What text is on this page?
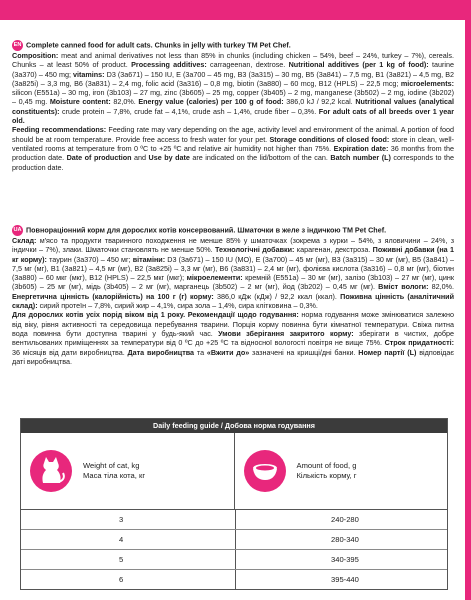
EN Complete canned food for adult cats. Chunks in jelly with turkey TM Pet Chef.
Composition: meat and animal derivatives not less than 85% in chunks (including chicken – 54%, beef – 24%, turkey – 7%), cereals. Chunks – at least 50% of product. Processing additives: carrageenan, dextrose. Nutritional additives (per 1 kg of food): taurine (3a370) – 450 mg; vitamins: D3 (3a671) – 150 IU, E (3a700 – 45 mg, B3 (3a315) – 30 mg, B5 (3a841) – 7,5 mg, B1 (3a821) – 4,5 mg, B2 (3a825i) – 3,3 mg, B6 (3a831) – 2,4 mg, folic acid (3a316) – 0,8 mg, biotin (3a880) – 60 mcg, B12 (HPLS) – 22,5 mcg; microelements: silicon (E551a) – 30 mg, iron (3b103) – 27 mg, zinc (3b605) – 25 mg, copper (3b405) – 2 mg, manganese (3b502) – 2 mg, iodine (3b202) – 0,45 mg. Moisture content: 82,0%. Energy value (calories) per 100 g of food: 386,0 kJ / 92,2 kcal. Nutritional values (analytical constituents): crude protein – 7,8%, crude fat – 4,1%, crude ash – 1,4%, crude fiber – 0,3%. For adult cats of all breeds over 1 year old.
Feeding recommendations: Feeding rate may vary depending on the age, activity level and environment of the animal. A portion of food should be at room temperature. Provide free access to fresh water for your pet. Storage conditions of closed food: store in clean, well-ventilated rooms at temperature from 0 ºC to +25 ºC and relative air humidity not higher than 75%. Expiration date: 36 months from the production date. Date of production and Use by date are indicated on the lid/bottom of the can. Batch number (L) corresponds to the production date.

UA Повнораціонний корм для дорослих котів консервований. Шматочки в желе з індичкою ТМ Pet Chef.
Склад: м'ясо та продукти тваринного походження не менше 85% у шматочках (зокрема з курки – 54%, з яловичини – 24%, з індички – 7%), злаки. Шматочки становлять не менше 50%. Технологічні добавки: карагенан, декстроза. Поживні добавки (на 1 кг корму): таурин (3a370) – 450 мг; вітаміни: D3 (3a671) – 150 IU (МО), E (3a700) – 45 мг (мг), B3 (3a315) – 30 мг (мг), B5 (3a841) – 7,5 мг (мг), B1 (3a821) – 4,5 мг (мг), B2 (3a825i) – 3,3 мг (мг), B6 (3a831) – 2,4 мг (мг), фолієва кислота (3a316) – 0,8 мг (мг), біотин (3a880) – 60 мкг (мкг), B12 (HPLS) – 22,5 мкг (мкг); мікроелементи: кремній (E551a) – 30 мг (мг), залізо (3b103) – 27 мг (мг), цинк (3b605) – 25 мг (мг), мідь (3b405) – 2 мг (мг), марганець (3b502) – 2 мг (мг), йод (3b202) – 0,45 мг (мг). Вміст вологи: 82,0%. Енергетична цінність (калорійність) на 100 г (г) корму: 386,0 кДж (кДж) / 92,2 ккал (ккал). Поживна цінність (аналітичний склад): сирий протеїн – 7,8%, сирий жир – 4,1%, сира зола – 1,4%, сира клітковина – 0,3%.
Для дорослих котів усіх порід віком від 1 року. Рекомендації щодо годування: норма годування може змінюватися залежно від віку, рівня активності та середовища перебування тварини. Порція корму повинна бути кімнатної температури. Свіжа питна вода повинна бути доступна тварині у будь-який час. Умови зберігання закритого корму: зберігати в чистих, добре вентильованих приміщеннях за температури від 0 ºC до +25 ºC та відносної вологості повітря не вище 75%. Строк придатності: 36 місяців від дати виробництва. Дата виробництва та «Вжити до» зазначені на кришці/дні банки. Номер партії (L) відповідає даті виробництва.

Daily feeding guide / Добова норма годування
Weight of cat, kg
Маса тіла кота, кг
Amount of food, g
Кількість корму, г
3	240-280
4	280-340
5	340-395
6	395-440
